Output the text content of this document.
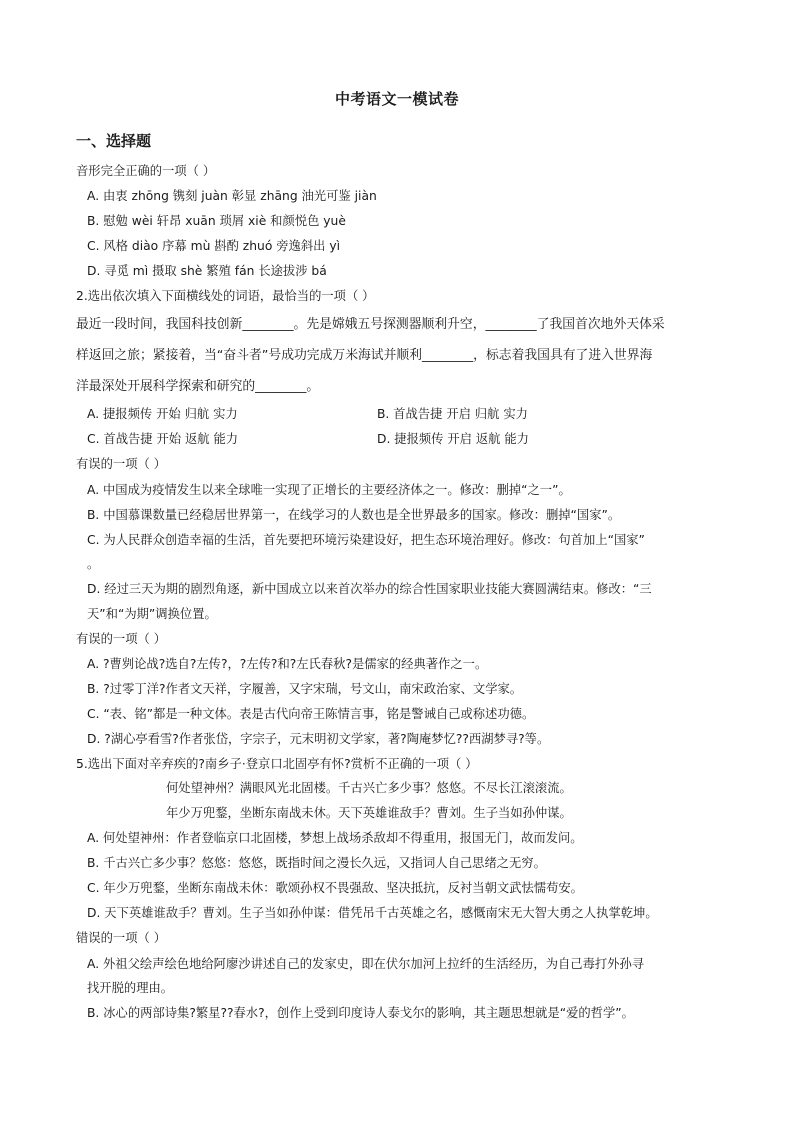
中考语文一模试卷
一、选择题
音形完全正确的一项（ ）
A. 由衷 zhōng 镌刻 juàn 彰显 zhāng 油光可鉴 jiàn
B. 慰勉 wèi 轩昂 xuān 琐屑 xiè 和颜悦色 yuè
C. 风格 diào 序幕 mù 斟酌 zhuó 旁逸斜出 yì
D. 寻觅 mì 摄取 shè 繁殖 fán 长途拔涉 bá
2.选出依次填入下面横线处的词语，最恰当的一项（ ）
最近一段时间，我国科技创新________。先是嫦娥五号探测器顺利升空，________了我国首次地外天体采
样返回之旅；紧接着，当“奋斗者”号成功完成万米海试并顺利________，标志着我国具有了进入世界海
洋最深处开展科学探索和研究的________。
A. 捷报频传 开始 归航 实力	B. 首战告捷 开启 归航 实力
C. 首战告捷 开始 返航 能力	D. 捷报频传 开启 返航 能力
有误的一项（ ）
A. 中国成为疫情发生以来全球唯一实现了正增长的主要经济体之一。修改：删掉“之一”。
B. 中国慕课数量已经稳居世界第一，在线学习的人数也是全世界最多的国家。修改：删掉“国家”。
C. 为人民群众创造幸福的生活，首先要把环境污染建设好，把生态环境治理好。修改：句首加上“国家”
。
D. 经过三天为期的剧烈角逐，新中国成立以来首次举办的综合性国家职业技能大赛圆满结束。修改：“三
天”和“为期”调换位置。
有误的一项（ ）
A. ?曹刿论战?选自?左传?，?左传?和?左氏春秋?是儒家的经典著作之一。
B. ?过零丁洋?作者文天祥，字履善，又字宋瑞，号文山，南宋政治家、文学家。
C. “表、铭”都是一种文体。表是古代向帝王陈情言事，铭是警诫自己或称述功德。
D. ?湖心亭看雪?作者张岱，字宗子，元末明初文学家，著?陶庵梦忆??西湖梦寻?等。
5.选出下面对辛弃疾的?南乡子·登京口北固亭有怀?赏析不正确的一项（ ）
何处望神州？满眼风光北固楼。千古兴亡多少事？悠悠。不尽长江滚滚流。
年少万兜鍪，坐断东南战未休。天下英雄谁敌手？曹刘。生子当如孙仲谋。
A. 何处望神州：作者登临京口北固楼，梦想上战场杀敌却不得重用，报国无门，故而发问。
B. 千古兴亡多少事？悠悠：悠悠，既指时间之漫长久远，又指词人自己思绪之无穷。
C. 年少万兜鍪，坐断东南战未休：歌颂孙权不畏强敌、坚决抵抗，反衬当朝文武怯懦苟安。
D. 天下英雄谁敌手？曹刘。生子当如孙仲谋：借凭吊千古英雄之名，感慨南宋无大智大勇之人执掌乾坤。
错误的一项（ ）
A. 外祖父绘声绘色地给阿廖沙讲述自己的发家史，即在伏尔加河上拉纤的生活经历，为自己毒打外孙寻
找开脱的理由。
B. 冰心的两部诗集?繁星??春水?，创作上受到印度诗人泰戈尔的影响，其主题思想就是“爱的哲学”。
